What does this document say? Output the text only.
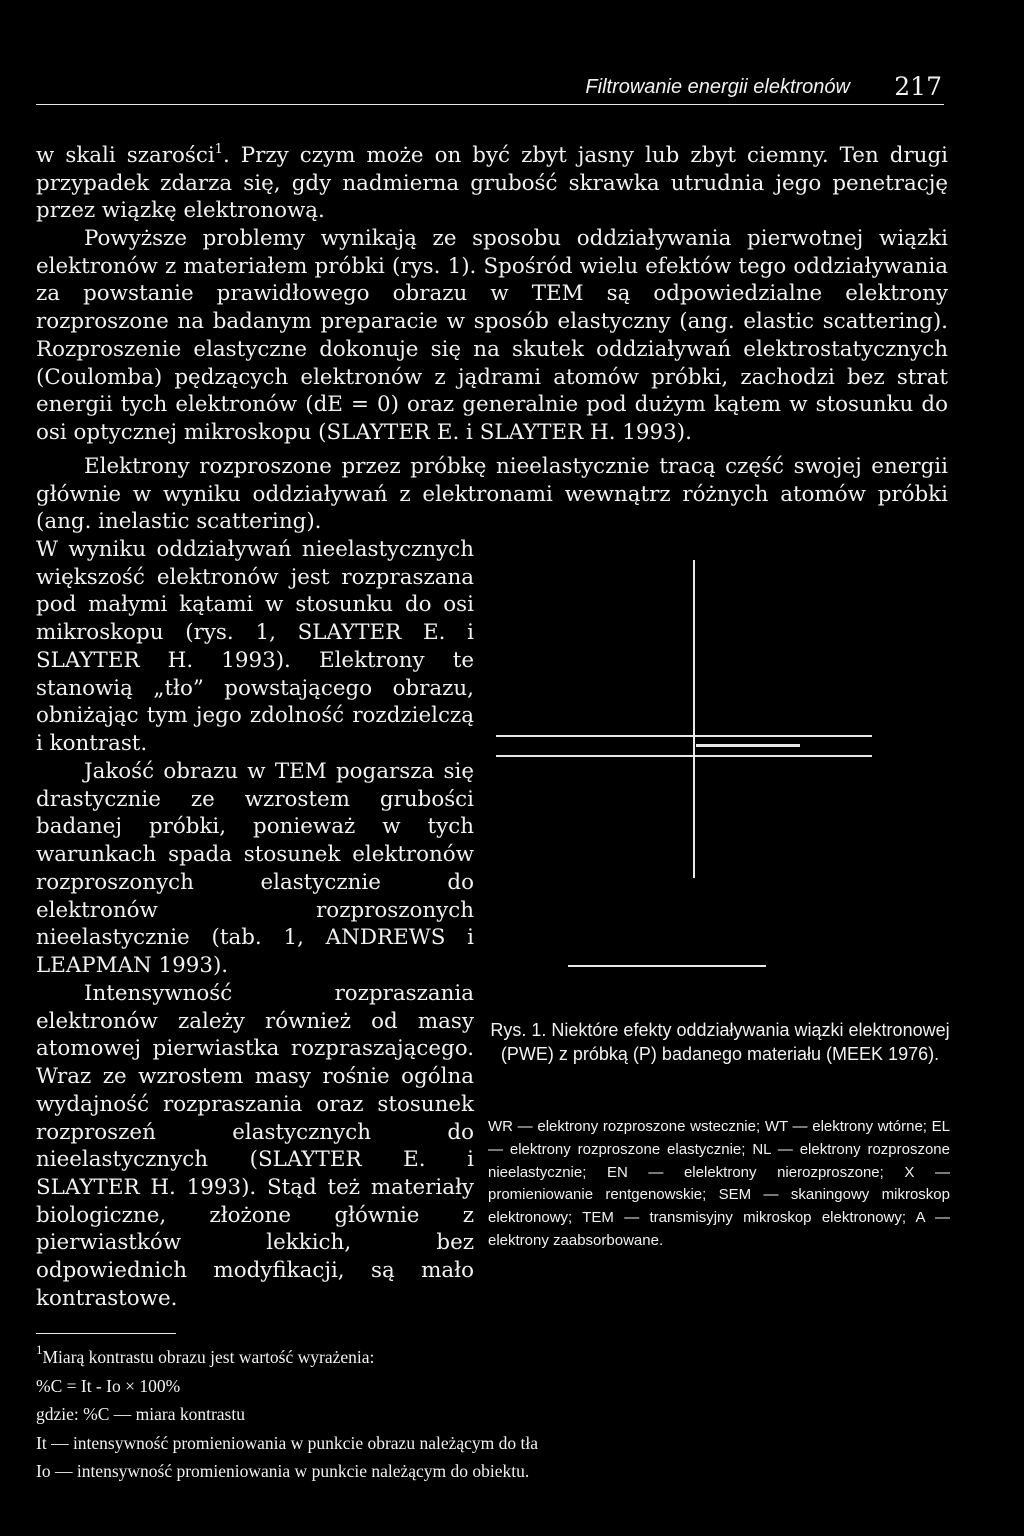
Filtrowanie energii elektronów 217

w skali szarości$^1$. Przy czym może on być zbyt jasny lub zbyt ciemny. Ten drugi przypadek zdarza się, gdy nadmierna grubość skrawka utrudnia jego penetrację przez wiązkę elektronową.

Powyższe problemy wynikają ze sposobu oddziaływania pierwotnej wiązki elektronów z materiałem próbki (rys. 1). Spośród wielu efektów tego oddziaływania za powstanie prawidłowego obrazu w TEM są odpowiedzialne elektrony rozproszone na badanym preparacie w sposób elastyczny (ang. elastic scattering). Rozproszenie elastyczne dokonuje się na skutek oddziaływań elektrostatycznych (Coulomba) pędzących elektronów z jądrami atomów próbki, zachodzi bez strat energii tych elektronów (dE = 0) oraz generalnie pod dużym kątem w stosunku do osi optycznej mikroskopu (SLAYTER E. i SLAYTER H. 1993).

Elektrony rozproszone przez próbkę nieelastycznie tracą część swojej energii głównie w wyniku oddziaływań z elektronami wewnątrz różnych atomów próbki (ang. inelastic scattering).

W wyniku oddziaływań nieelastycznych większość elektronów jest rozpraszana pod małymi kątami w stosunku do osi mikroskopu (rys. 1, SLAYTER E. i SLAYTER H. 1993). Elektrony te stanowią „tło” powstającego obrazu, obniżając tym jego zdolność rozdzielczą i kontrast.

Jakość obrazu w TEM pogarsza się drastycznie ze wzrostem grubości badanej próbki, ponieważ w tych warunkach spada stosunek elektronów rozproszonych elastycznie do elektronów rozproszonych nieelastycznie (tab. 1, ANDREWS i LEAPMAN 1993).

Intensywność rozpraszania elektronów zależy również od masy atomowej pierwiastka rozpraszającego. Wraz ze wzrostem masy rośnie ogólna wydajność rozpraszania oraz stosunek rozproszeń elastycznych do nieelastycznych (SLAYTER E. i SLAYTER H. 1993). Stąd też materiały biologiczne, złożone głównie z pierwiastków lekkich, bez odpowiednich modyfikacji, są mało kontrastowe.

Rys. 1. Niektóre efekty oddziaływania wiązki elektronowej (PWE) z próbką (P) badanego materiału (MEEK 1976).

WR — elektrony rozproszone wstecznie; WT — elektrony wtórne; EL — elektrony rozproszone elastycznie; NL — elektrony rozproszone nieelastycznie; EN — elelektrony nierozproszone; X — promieniowanie rentgenowskie; SEM — skaningowy mikroskop elektronowy; TEM — transmisyjny mikroskop elektronowy; A — elektrony zaabsorbowane.

$^1$Miarą kontrastu obrazu jest wartość wyrażenia:
%C = It - Io × 100%
gdzie: %C — miara kontrastu
It — intensywność promieniowania w punkcie obrazu należącym do tła
Io — intensywność promieniowania w punkcie należącym do obiektu.
